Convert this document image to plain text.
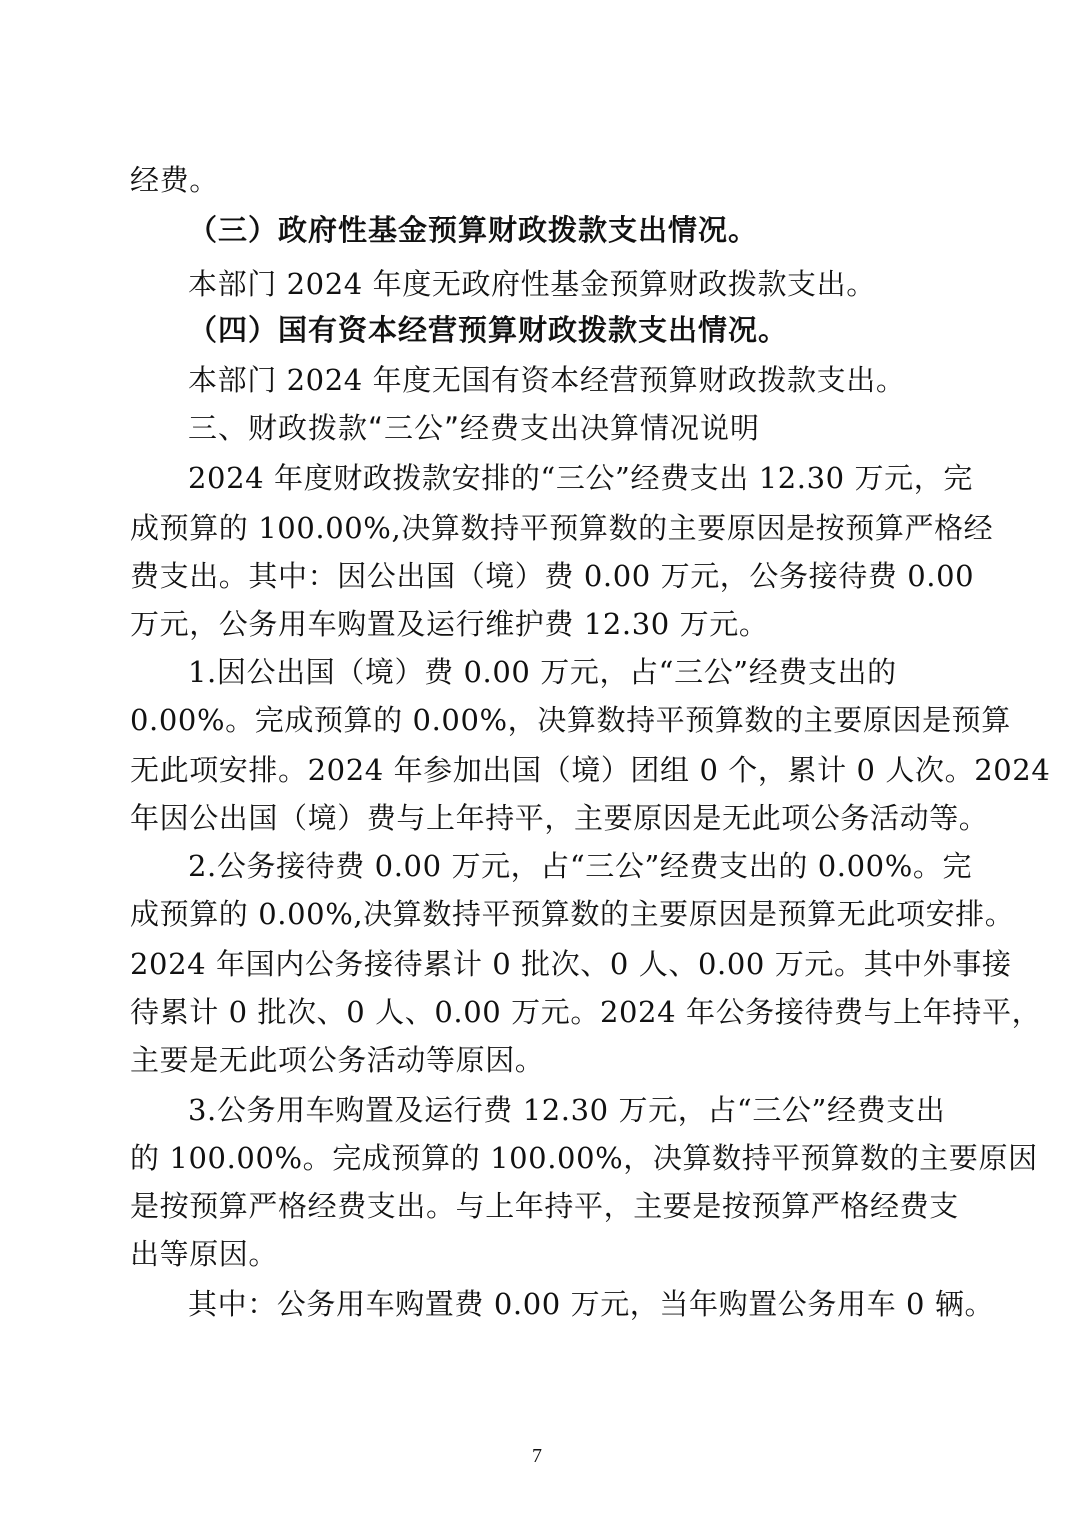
经费。
（三）政府性基金预算财政拨款支出情况。
本部门 2024 年度无政府性基金预算财政拨款支出。
（四）国有资本经营预算财政拨款支出情况。
本部门 2024 年度无国有资本经营预算财政拨款支出。
三、财政拨款“三公”经费支出决算情况说明
2024 年度财政拨款安排的“三公”经费支出 12.30 万元，完
成预算的 100.00%,决算数持平预算数的主要原因是按预算严格经
费支出。其中：因公出国（境）费 0.00 万元，公务接待费 0.00
万元，公务用车购置及运行维护费 12.30 万元。
1.因公出国（境）费 0.00 万元，占“三公”经费支出的
0.00%。完成预算的 0.00%，决算数持平预算数的主要原因是预算
无此项安排。2024 年参加出国（境）团组 0 个，累计 0 人次。2024
年因公出国（境）费与上年持平，主要原因是无此项公务活动等。
2.公务接待费 0.00 万元，占“三公”经费支出的 0.00%。完
成预算的 0.00%,决算数持平预算数的主要原因是预算无此项安排。
2024 年国内公务接待累计 0 批次、0 人、0.00 万元。其中外事接
待累计 0 批次、0 人、0.00 万元。2024 年公务接待费与上年持平，
主要是无此项公务活动等原因。
3.公务用车购置及运行费 12.30 万元，占“三公”经费支出
的 100.00%。完成预算的 100.00%，决算数持平预算数的主要原因
是按预算严格经费支出。与上年持平，主要是按预算严格经费支
出等原因。
其中：公务用车购置费 0.00 万元，当年购置公务用车 0 辆。
7
